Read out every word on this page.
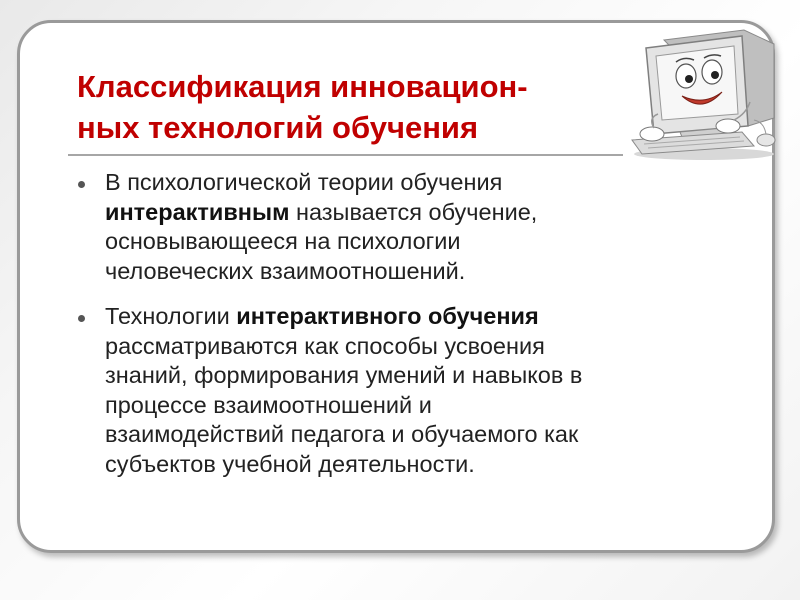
Классификация инновацион-
ных технологий обучения
В психологической теории обучения
интерактивным называется обучение,
основывающееся на психологии
человеческих взаимоотношений.
Технологии интерактивного обучения
рассматриваются как способы усвоения
знаний, формирования умений и навыков в
процессе взаимоотношений и
взаимодействий педагога и обучаемого как
субъектов учебной деятельности.
